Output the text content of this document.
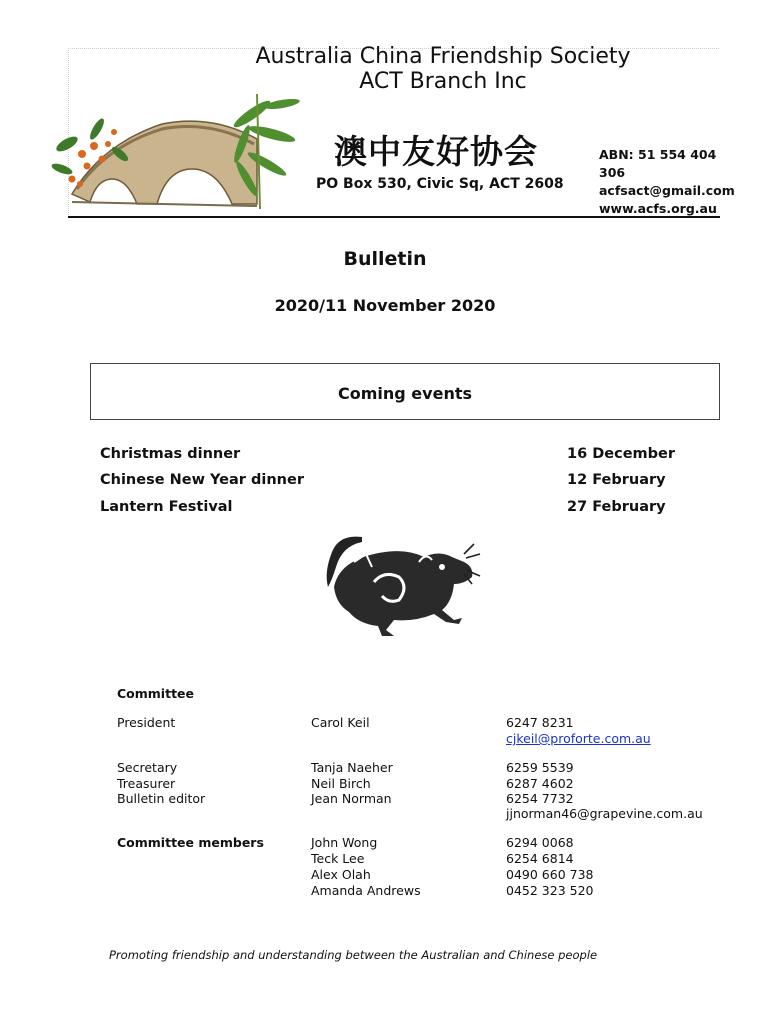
Australia China Friendship Society
ACT Branch Inc
澳中友好协会
PO Box 530, Civic Sq, ACT 2608
ABN: 51 554 404 306
acfsact@gmail.com
www.acfs.org.au
Bulletin
2020/11 November 2020
Coming events
Christmas dinner	16 December
Chinese New Year dinner	12 February
Lantern Festival	27 February
Committee
President	Carol Keil	6247 8231
cjkeil@proforte.com.au
Secretary	Tanja Naeher	6259 5539
Treasurer	Neil Birch	6287 4602
Bulletin editor	Jean Norman	6254 7732
jjnorman46@grapevine.com.au
Committee members	John Wong	6294 0068
Teck Lee	6254 6814
Alex Olah	0490 660 738
Amanda Andrews	0452 323 520
Promoting friendship and understanding between the Australian and Chinese people
